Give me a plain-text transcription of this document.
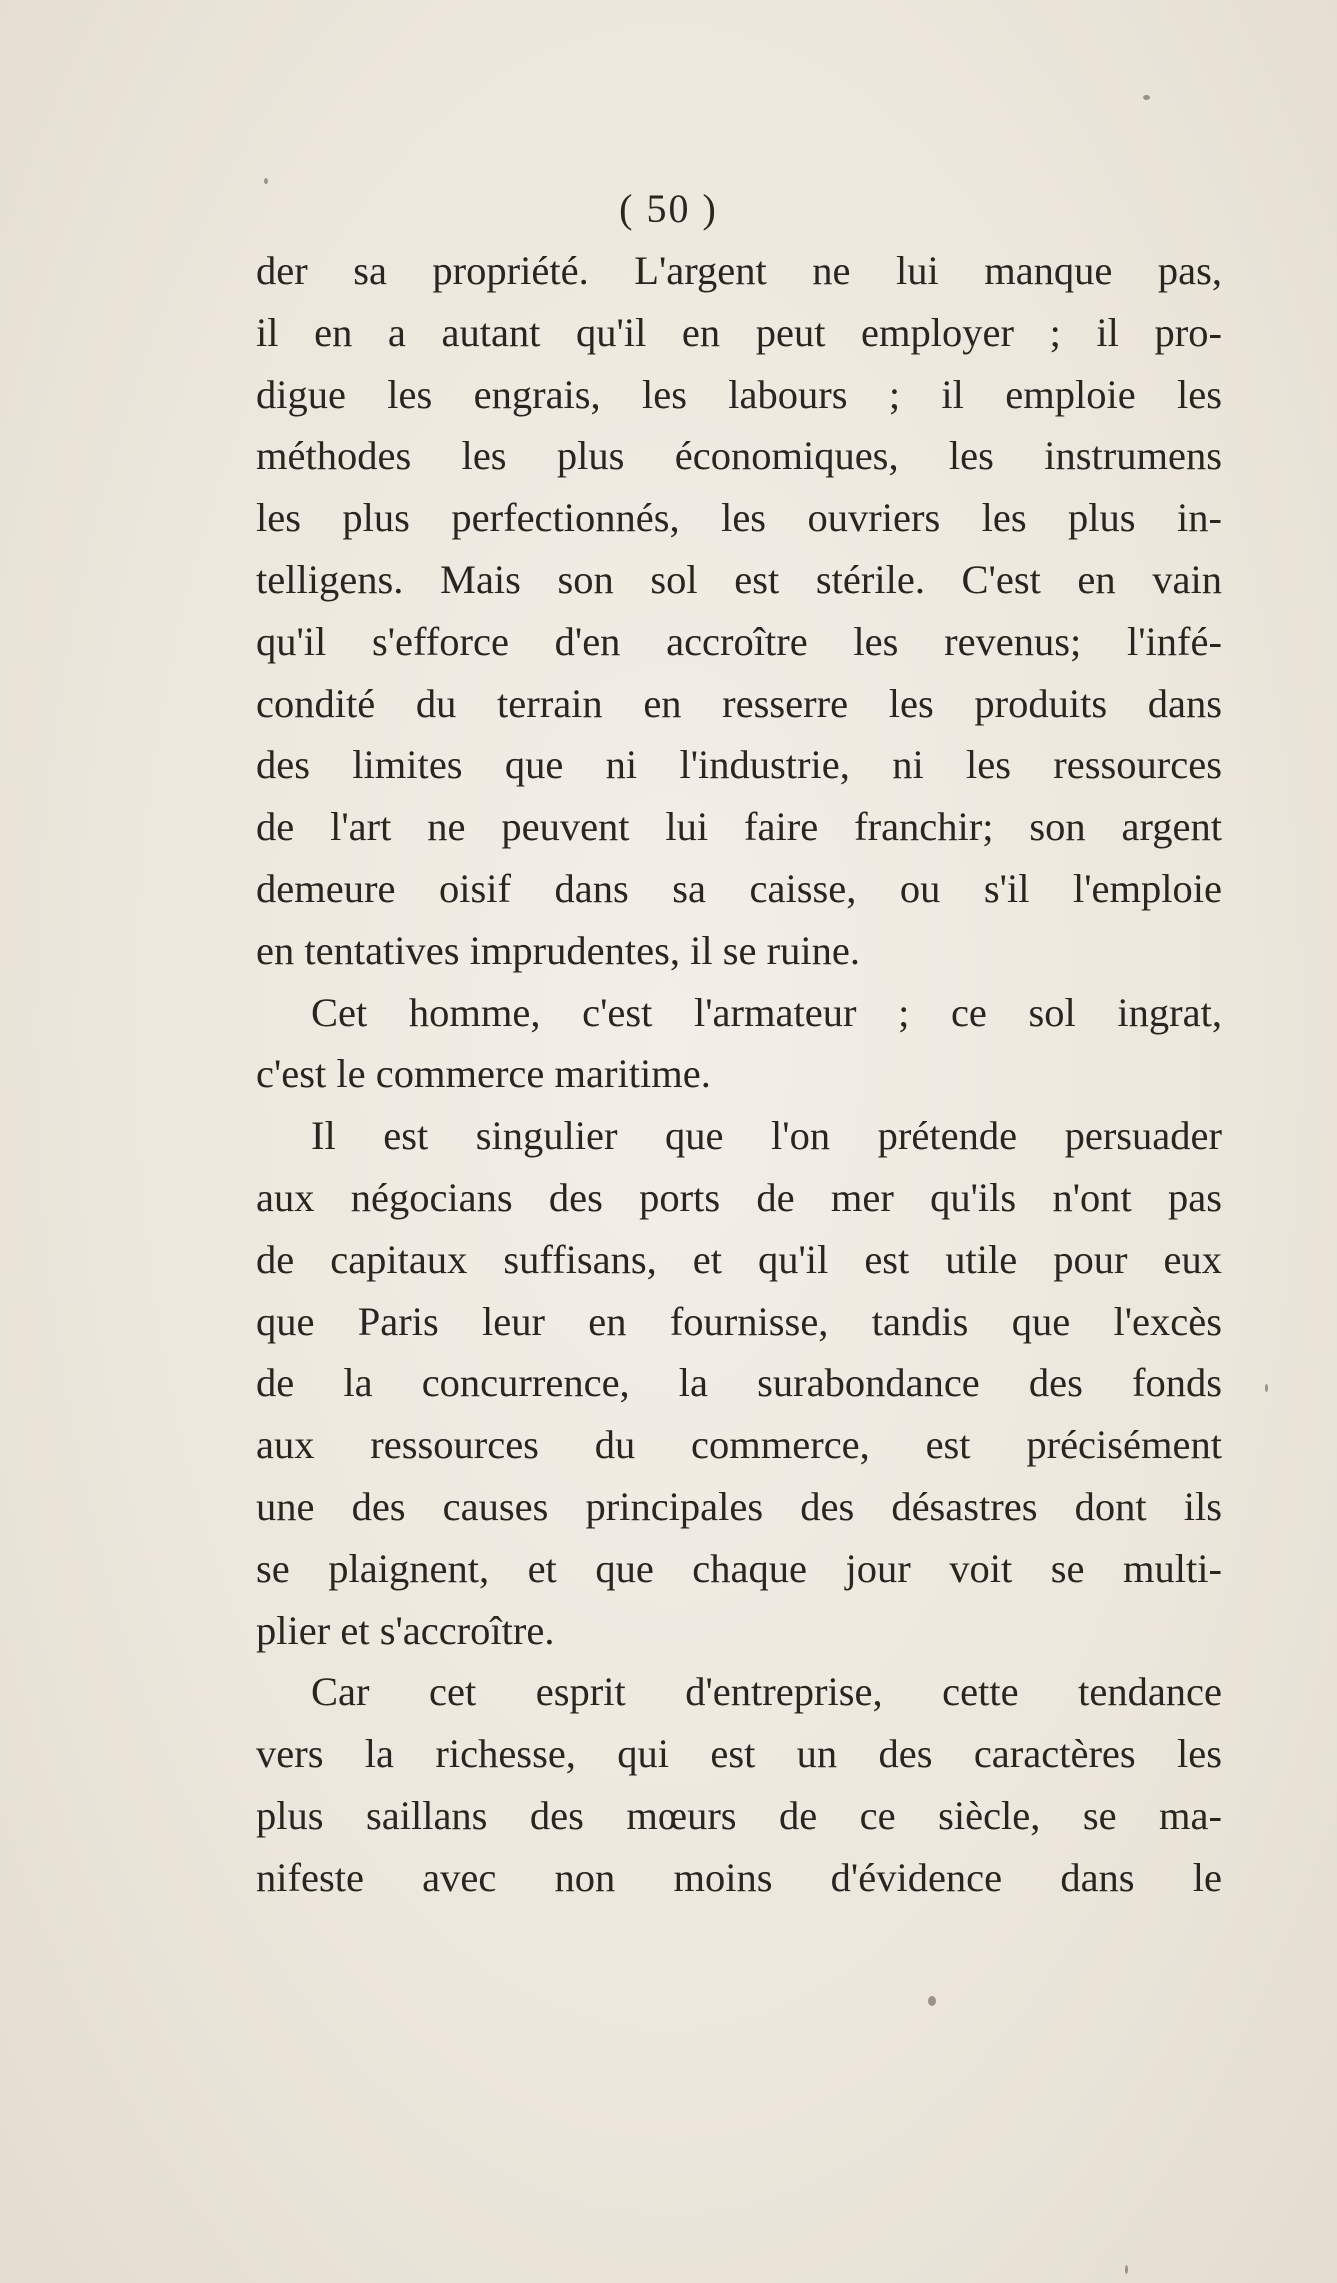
( 50 )
der sa propriété. L'argent ne lui manque pas,
il en a autant qu'il en peut employer ; il pro-
digue les engrais, les labours ; il emploie les
méthodes les plus économiques, les instrumens
les plus perfectionnés, les ouvriers les plus in-
telligens. Mais son sol est stérile. C'est en vain
qu'il s'efforce d'en accroître les revenus; l'infé-
condité du terrain en resserre les produits dans
des limites que ni l'industrie, ni les ressources
de l'art ne peuvent lui faire franchir; son argent
demeure oisif dans sa caisse, ou s'il l'emploie
en tentatives imprudentes, il se ruine.
Cet homme, c'est l'armateur ; ce sol ingrat,
c'est le commerce maritime.
Il est singulier que l'on prétende persuader
aux négocians des ports de mer qu'ils n'ont pas
de capitaux suffisans, et qu'il est utile pour eux
que Paris leur en fournisse, tandis que l'excès
de la concurrence, la surabondance des fonds
aux ressources du commerce, est précisément
une des causes principales des désastres dont ils
se plaignent, et que chaque jour voit se multi-
plier et s'accroître.
Car cet esprit d'entreprise, cette tendance
vers la richesse, qui est un des caractères les
plus saillans des mœurs de ce siècle, se ma-
nifeste avec non moins d'évidence dans le
